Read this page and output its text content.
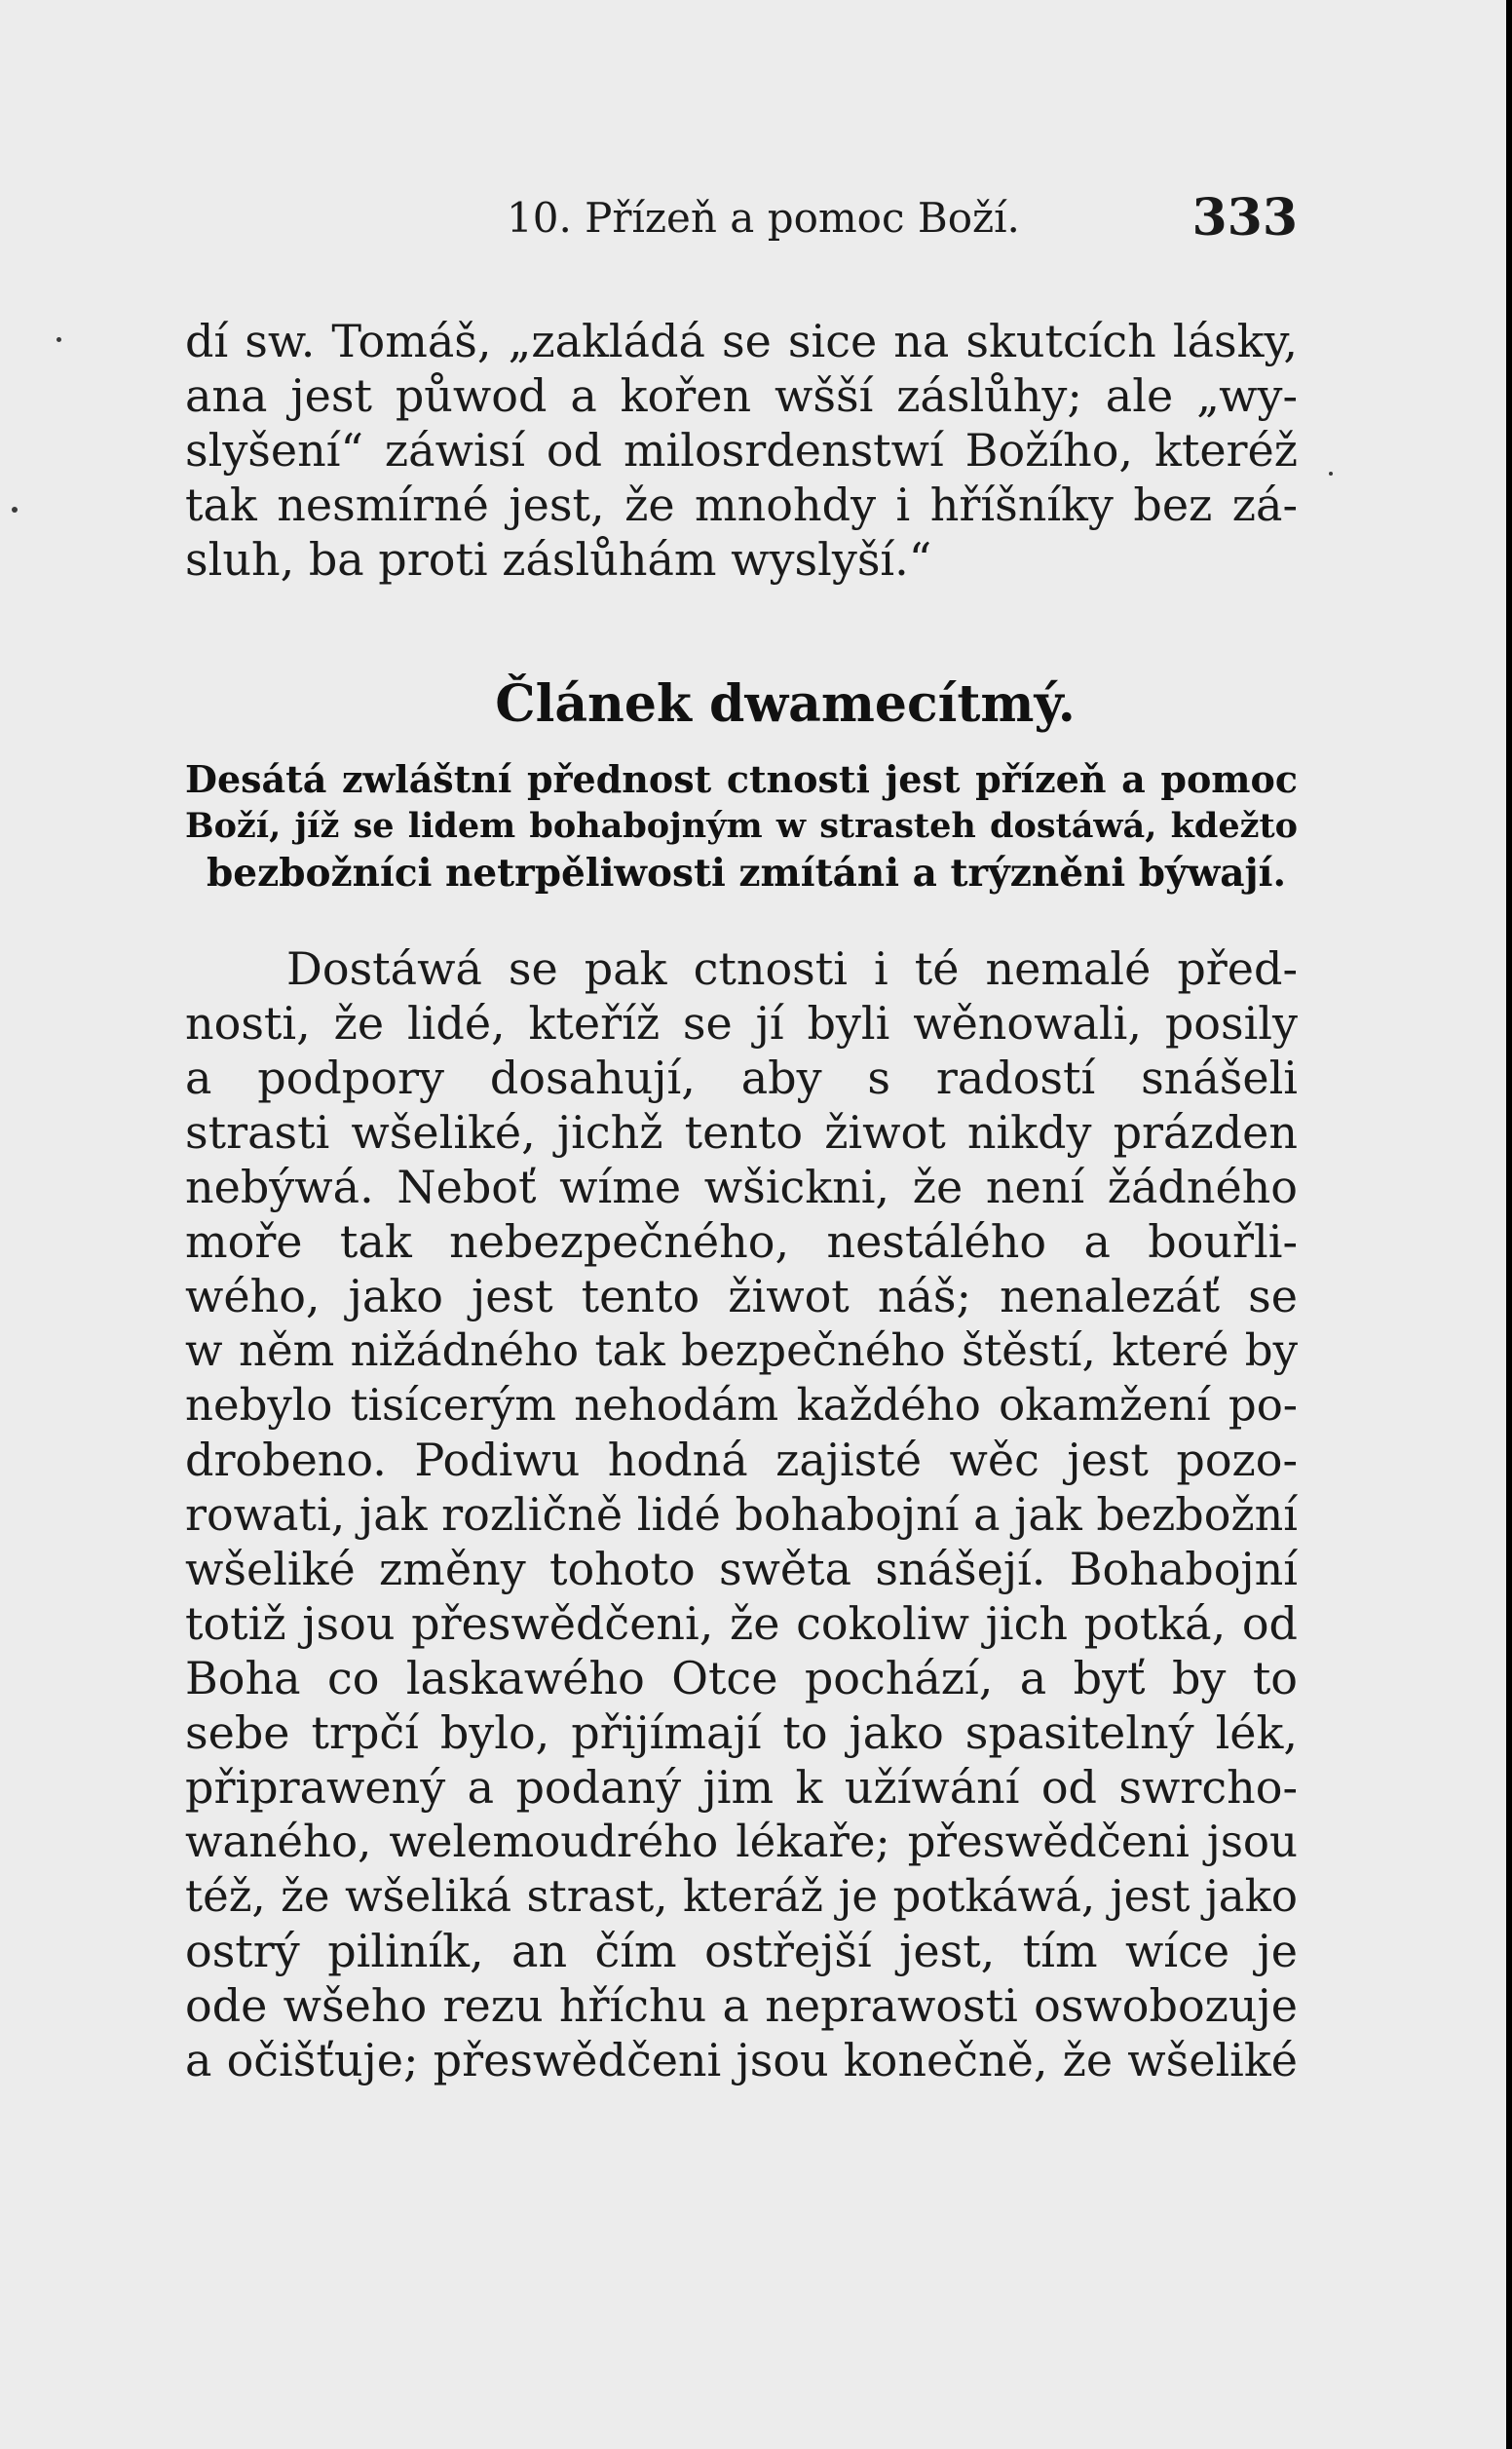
10. Přízeň a pomoc Boží.	333
dí sw. Tomáš, „zakládá se sice na skutcích lásky,
ana jest půwod a kořen wšší záslůhy; ale „wy-
slyšení“ záwisí od milosrdenstwí Božího, kteréž
tak nesmírné jest, že mnohdy i hříšníky bez zá-
sluh, ba proti záslůhám wyslyší.“
Článek dwamecítmý.
Desátá zwláštní přednost ctnosti jest přízeň a pomoc
Boží, jíž se lidem bohabojným w strasteh dostáwá, kdežto
bezbožníci netrpěliwosti zmítáni a trýzněni býwají.
Dostáwá se pak ctnosti i té nemalé před-
nosti, že lidé, kteříž se jí byli wěnowali, posily
a podpory dosahují, aby s radostí snášeli
strasti wšeliké, jichž tento žiwot nikdy prázden
nebýwá. Neboť wíme wšickni, že není žádného
moře tak nebezpečného, nestálého a bouřli-
wého, jako jest tento žiwot náš; nenalezáť se
w něm nižádného tak bezpečného štěstí, které by
nebylo tisícerým nehodám každého okamžení po-
drobeno. Podiwu hodná zajisté wěc jest pozo-
rowati, jak rozličně lidé bohabojní a jak bezbožní
wšeliké změny tohoto swěta snášejí. Bohabojní
totiž jsou přeswědčeni, že cokoliw jich potká, od
Boha co laskawého Otce pochází, a byť by to
sebe trpčí bylo, přijímají to jako spasitelný lék,
připrawený a podaný jim k užíwání od swrcho-
waného, welemoudrého lékaře; přeswědčeni jsou
též, že wšeliká strast, kteráž je potkáwá, jest jako
ostrý piliník, an čím ostřejší jest, tím wíce je
ode wšeho rezu hříchu a neprawosti oswobozuje
a očišťuje; přeswědčeni jsou konečně, že wšeliké
